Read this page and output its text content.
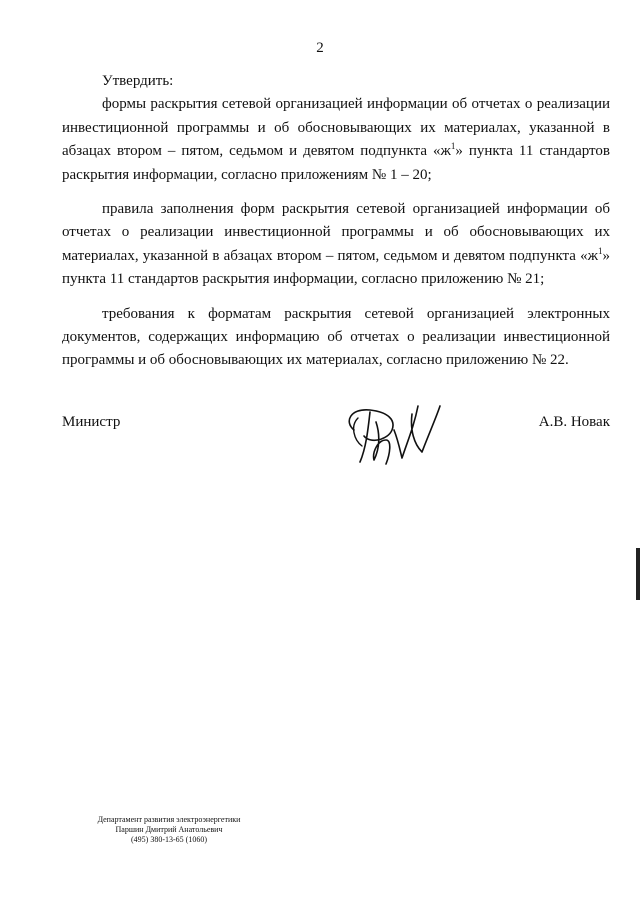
2

Утвердить:

формы раскрытия сетевой организацией информации об отчетах о реализации инвестиционной программы и об обосновывающих их материалах, указанной в абзацах втором – пятом, седьмом и девятом подпункта «$ж^1$» пункта 11 стандартов раскрытия информации, согласно приложениям № 1 – 20;

правила заполнения форм раскрытия сетевой организацией информации об отчетах о реализации инвестиционной программы и об обосновывающих их материалах, указанной в абзацах втором – пятом, седьмом и девятом подпункта «$ж^1$» пункта 11 стандартов раскрытия информации, согласно приложению № 21;

требования к форматам раскрытия сетевой организацией электронных документов, содержащих информацию об отчетах о реализации инвестиционной программы и об обосновывающих их материалах, согласно приложению № 22.

Министр	А.В. Новак
Департамент развития электроэнергетики
Паршин Дмитрий Анатольевич
(495) 380-13-65 (1060)
